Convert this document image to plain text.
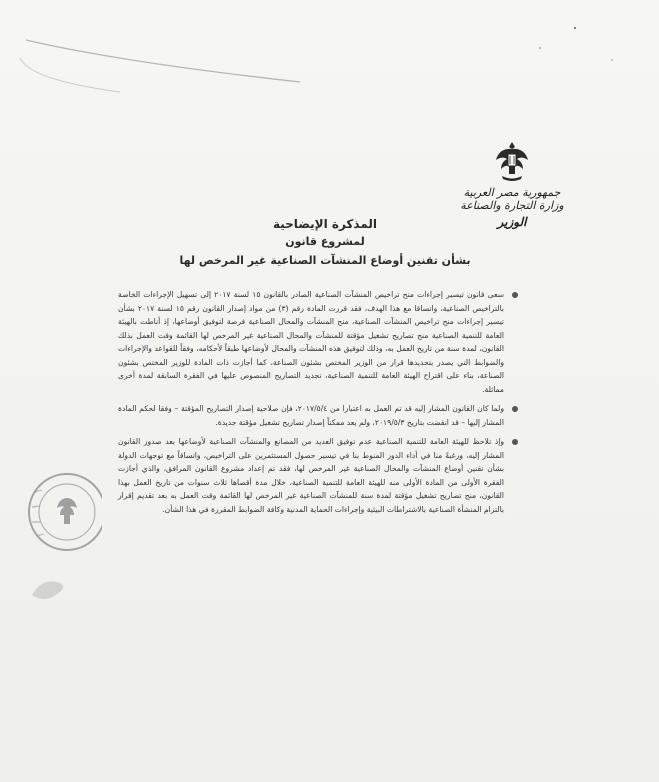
جمهورية مصر العربية
وزارة التجارة والصناعة
الوزير
المذكرة الإيضاحية
لمشروع قانون
بشأن تقنين أوضاع المنشآت الصناعية غير المرخص لها

سعى قانون تيسير إجراءات منح تراخيص المنشآت الصناعية الصادر بالقانون ١٥ لسنة ٢٠١٧ إلى تسهيل الإجراءات الخاصة بالتراخيص الصناعية، واتساقا مع هذا الهدف، فقد قررت المادة رقم (٣) من مواد إصدار القانون رقم ١٥ لسنة ٢٠١٧ بشأن تيسير إجراءات منح تراخيص المنشآت الصناعية، منح المنشآت والمحال الصناعية فرصة لتوفيق أوضاعها، إذ أناطت بالهيئة العامة للتنمية الصناعية منح تصاريح تشغيل مؤقتة للمنشآت والمحال الصناعية غير المرخص لها القائمة وقت العمل بذلك القانون، لمدة سنة من تاريخ العمل به، وذلك لتوفيق هذه المنشآت والمحال لأوضاعها طبقاً لأحكامه، وفقاً للقواعد والإجراءات والضوابط التي يصدر بتحديدها قرار من الوزير المختص بشئون الصناعة، كما أجازت ذات المادة للوزير المختص بشئون الصناعة، بناء على اقتراح الهيئة العامة للتنمية الصناعية، تجديد التصاريح المنصوص عليها في الفقرة السابقة لمدة أخرى مماثلة.

ولما كان القانون المشار إليه قد تم العمل به اعتبارا من ٢٠١٧/٥/٤، فإن صلاحية إصدار التصاريح المؤقتة – وفقا لحكم المادة المشار إليها – قد انقضت بتاريخ ٢٠١٩/٥/٣، ولم يعد ممكناً إصدار تصاريح تشغيل مؤقتة جديدة.

وإذ تلاحظ للهيئة العامة للتنمية الصناعية عدم توفيق العديد من المصانع والمنشآت الصناعية لأوضاعها بعد صدور القانون المشار إليه، ورغبةً منا في أداء الدور المنوط بنا في تيسير حصول المستثمرين على التراخيص، واتساقاً مع توجهات الدولة بشأن تقنين أوضاع المنشآت والمحال الصناعية غير المرخص لها، فقد تم إعداد مشروع القانون المرافق، والذي أجازت الفقرة الأولى من المادة الأولى منه للهيئة العامة للتنمية الصناعية، خلال مدة أقصاها ثلاث سنوات من تاريخ العمل بهذا القانون، منح تصاريح تشغيل مؤقتة لمدة سنة للمنشآت الصناعية غير المرخص لها القائمة وقت العمل به بعد تقديم إقرار بالتزام المنشأة الصناعية بالاشتراطات البيئية وإجراءات الحماية المدنية وكافة الضوابط المقررة في هذا الشأن.
